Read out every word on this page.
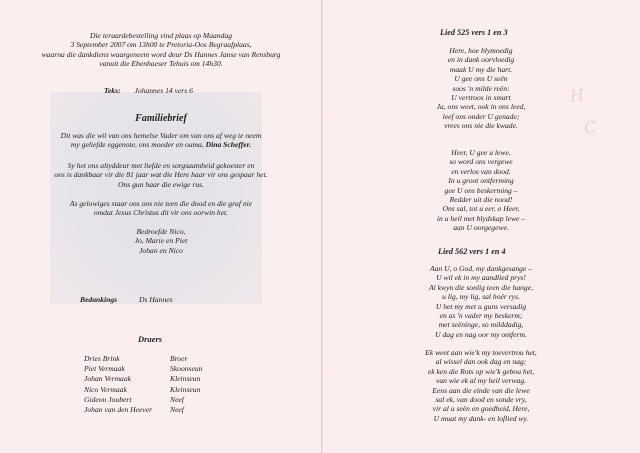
Die teraardebestelling vind plaas op Maandag
3 September 2007 om 13h00 te Pretoria-Oos Begraafplaas,
waarna die dankdiens waargeneem word deur Ds Hannes Janse van Rensburg
vanuit die Ebenhaeser Tehuis om 14h30.
Teks: Johannes 14 vers 6
Familiebrief
Dit was die wil van ons hemelse Vader om van ons af weg te neem
my geliefde eggenote, ons moeder en ouma, Dina Scheffer.
Sy het ons altyddeur met liefde en sorgsaamheid gekoester en
ons is dankbaar vir die 81 jaar wat die Here haar vir ons gespaar het.
Ons gun haar die ewige rus.
As gelowiges staar ons ons nie teen die dood en die graf nie
omdat Jesus Christus dit vir ons oorwin het.
Bedroefde Nico,
Jo, Marie en Piet
Johan en Nico
Bedankings	Ds Hannes
Draers
Dries Brink	Broer
Piet Vermaak	Skoonseun
Johan Vermaak	Kleinseun
Nico Vermaak	Kleinseun
Gideon Joubert	Neef
Johan van den Heever	Neef
H
C
Lied 525 vers 1 en 3
Here, hoe blymoedig
en in dank oorvloedig
maak U my die hart.
U gee ons U seën
soos 'n milde reën:
U vertroos in smart
Ja, ons weet, ook in ons leed,
leef ons onder U genade;
vrees ons nie die kwade.
Heer, U gee u lewe,
so word ons vergewe
en verlos van dood.
In u groot ontferming
gee U ons beskerming –
Redder uit die nood!
Ons sal, tot u eer, o Heer,
in u heil met blydskap lewe –
aan U oorgegewe.
Lied 562 vers 1 en 4
Aan U, o God, my dankgesange –
U wil ek in my aandlied prys!
Al kwyn die sonlig teen die hange,
u lig, my lig, sal hoër rys.
U het my met u guns versadig
en as 'n vader my beskerm;
met seëninge, so milddadig,
U dag en nag oor my ontferm.
Ek weet aan wie'k my toevertrou het,
al wissel dan ook dag en nag;
ek ken die Rots op wie'k gebou het,
van wie ek al my heil verwag.
Eens aan die einde van die lewe
sal ek, van dood en sonde vry,
vir al u seën en goedheid, Here,
U muat my dank- en loflied wy.
